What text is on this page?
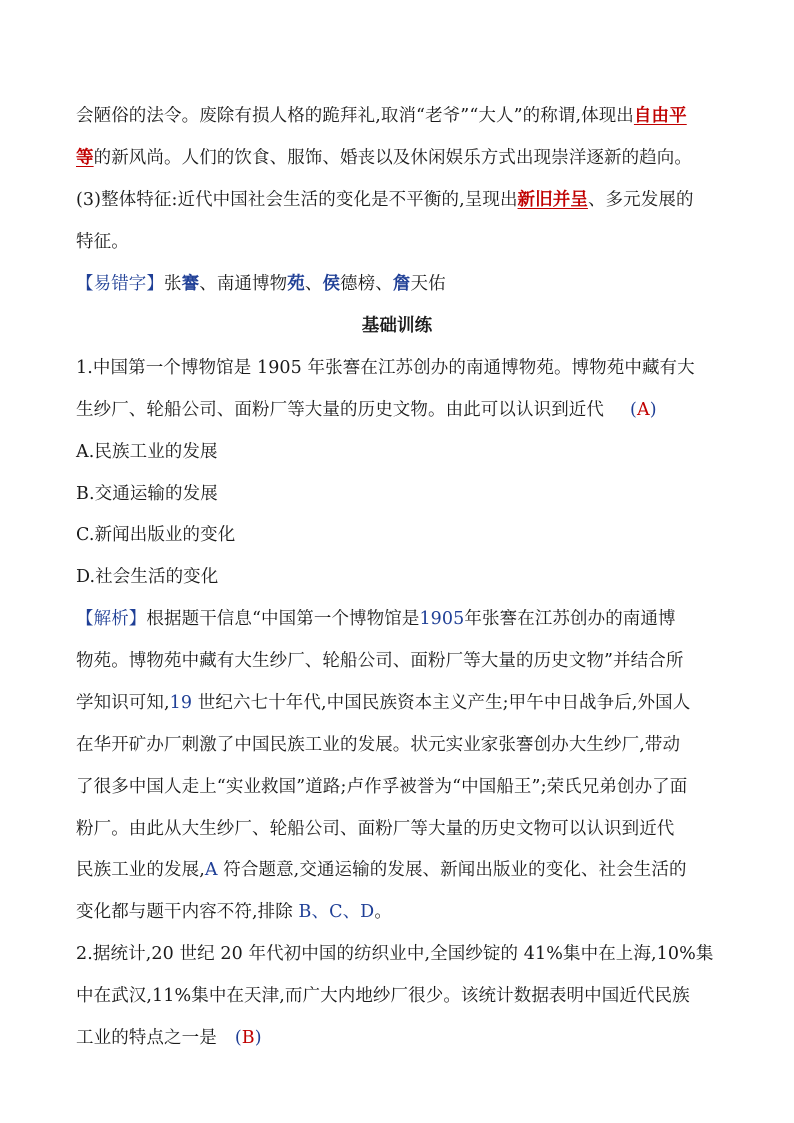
会陋俗的法令。废除有损人格的跪拜礼,取消“老爷”“大人”的称谓,体现出自由平
等的新风尚。人们的饮食、服饰、婚丧以及休闲娱乐方式出现崇洋逐新的趋向。
(3)整体特征:近代中国社会生活的变化是不平衡的,呈现出新旧并呈、多元发展的
特征。
【易错字】张謇、南通博物苑、侯德榜、詹天佑
基础训练
1.中国第一个博物馆是 1905 年张謇在江苏创办的南通博物苑。博物苑中藏有大
生纱厂、轮船公司、面粉厂等大量的历史文物。由此可以认识到近代 (A)
A.民族工业的发展
B.交通运输的发展
C.新闻出版业的变化
D.社会生活的变化
【解析】根据题干信息“中国第一个博物馆是1905年张謇在江苏创办的南通博
物苑。博物苑中藏有大生纱厂、轮船公司、面粉厂等大量的历史文物”并结合所
学知识可知,19 世纪六七十年代,中国民族资本主义产生;甲午中日战争后,外国人
在华开矿办厂刺激了中国民族工业的发展。状元实业家张謇创办大生纱厂,带动
了很多中国人走上“实业救国”道路;卢作孚被誉为“中国船王”;荣氏兄弟创办了面
粉厂。由此从大生纱厂、轮船公司、面粉厂等大量的历史文物可以认识到近代
民族工业的发展,A 符合题意,交通运输的发展、新闻出版业的变化、社会生活的
变化都与题干内容不符,排除 B、C、D。
2.据统计,20 世纪 20 年代初中国的纺织业中,全国纱锭的 41%集中在上海,10%集
中在武汉,11%集中在天津,而广大内地纱厂很少。该统计数据表明中国近代民族
工业的特点之一是 (B)
